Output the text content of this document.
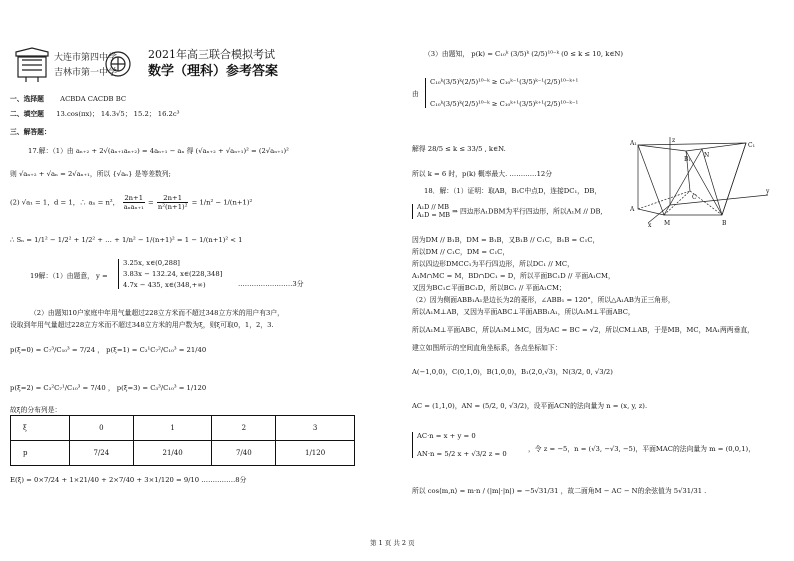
大连市第四中学
吉林市第一中学
2021年高三联合模拟考试
数学（理科）参考答案
一、选择题 ACBDA CACDB BC
二、填空题 13.cos(πx)； 14.3√5； 15.2； 16.2c³
三、解答题：
17.解：（1）由 aₙ₊₂ + 2√(aₙ₊₁aₙ₊₂) = 4aₙ₊₁ − aₙ 得 (√aₙ₊₂ + √aₙ₊₁)² = (2√aₙ₊₁)²
则 √aₙ₊₂ + √aₙ = 2√aₙ₊₁，所以 {√aₙ} 是等差数列;
(2) √a₁ = 1，d = 1，∴ aₙ = n²， $\frac{2n+1}{\text{aₙaₙ₊₁}} = \frac{2n+1}{\text{n²(n+1)²}} = 1/n^2 - 1/(n+1)^2$
∴ Sₙ = 1/1² − 1/2² + 1/2² + … + 1/n² − 1/(n+1)² = 1 − 1/(n+1)² < 1
19解：（1）由题意， y =
3.25x, x∈(0,288]
3.83x − 132.24, x∈(228,348]
4.7x − 435, x∈(348,+∞)	……………………3分
（2）由题知10户家庭中年用气量超过228立方米而不超过348立方米的用户有3户，
设取到年用气量超过228立方米而不超过348立方米的用户数为ξ，则ξ可取0，1，2，3.
p(ξ=0) = C₇³/C₁₀³ = 7/24 ， p(ξ=1) = C₃¹C₇²/C₁₀³ = 21/40
p(ξ=2) = C₃²C₇¹/C₁₀³ = 7/40 ， p(ξ=3) = C₃³/C₁₀³ = 1/120
故ξ的分布列是：
ξ	0	1	2	3
p	7/24	21/40	7/40	1/120
E(ξ) = 0×7/24 + 1×21/40 + 2×7/40 + 3×1/120 = 9/10 ……………8分
（3）由题知， p(k) = C₁₀ᵏ (3/5)ᵏ (2/5)¹⁰⁻ᵏ (0 ≤ k ≤ 10, k∈N)
由
C₁₀ᵏ(3/5)ᵏ(2/5)¹⁰⁻ᵏ ≥ C₁₀ᵏ⁻¹(3/5)ᵏ⁻¹(2/5)¹⁰⁻ᵏ⁺¹
C₁₀ᵏ(3/5)ᵏ(2/5)¹⁰⁻ᵏ ≥ C₁₀ᵏ⁺¹(3/5)ᵏ⁺¹(2/5)¹⁰⁻ᵏ⁻¹
解得 28/5 ≤ k ≤ 33/5 , k∈N.
所以 k = 6 时，p(k) 概率最大. …………12分
18．解：（1）证明：取AB，B₁C中点D，连接DC₁，DB，
A₁D // MB
A₁D = MB ⇒ 四边形A₁DBM为平行四边形，所以A₁M // DB,
因为DM // B₁B，DM = B₁B，又B₁B // C₁C，B₁B = C₁C，
所以DM // C₁C，DM = C₁C，
所以四边形DMCC₁为平行四边形，所以DC₁ // MC，
A₁M∩MC = M，BD∩DC₁ = D，所以平面BC₁D // 平面A₁CM，
又因为BC₁⊂平面BC₁D，所以BC₁ // 平面A₁CM；
（2）因为侧面ABB₁A₁是边长为2的菱形，∠ABB₁ = 120°，所以△A₁AB为正三角形，
所以A₁M⊥AB，又因为平面ABC⊥平面ABB₁A₁，所以A₁M⊥平面ABC，
所以A₁M⊥平面ABC，所以A₁M⊥MC，因为AC = BC = √2，所以CM⊥AB，于是MB，MC，MA₁两两垂直，
建立如图所示的空间直角坐标系，各点坐标如下：
A(−1,0,0)，C(0,1,0)，B(1,0,0)，B₁(2,0,√3)，N(3/2, 0, √3/2)
AC = (1,1,0)，AN = (5/2, 0, √3/2)，设平面ACN的法向量为 n = (x, y, z).
AC·n = x + y = 0
AN·n = 5/2 x + √3/2 z = 0
，令 z = −5，n = (√3, −√3, −5)，平面MAC的法向量为 m = (0,0,1)，
所以 cos⟨m,n⟩ = m·n / (|m|·|n|) = −5√31/31 ，故二面角M − AC − N的余弦值为 5√31/31 .
z
A₁
B₁
C₁
N
A
M	B
C
x
y
第 1 页 共 2 页
